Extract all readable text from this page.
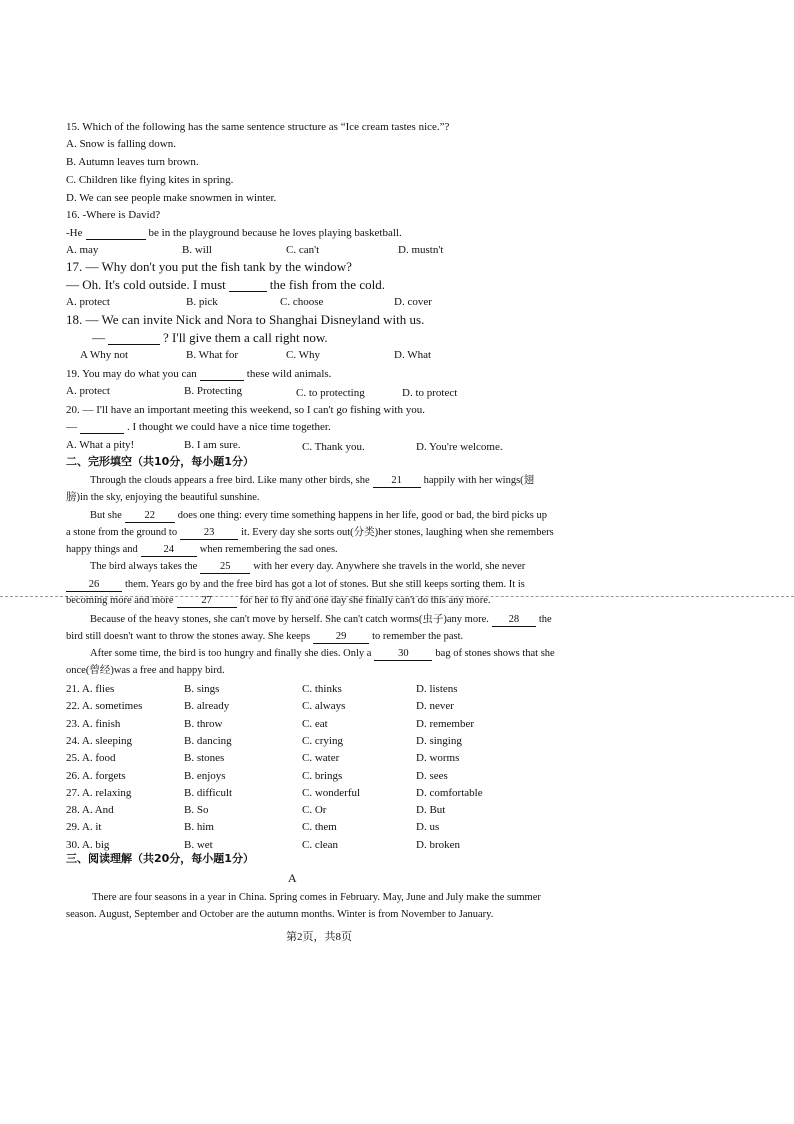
15. Which of the following has the same sentence structure as “Ice cream tastes nice.”?
A. Snow is falling down.
B. Autumn leaves turn brown.
C. Children like flying kites in spring.
D. We can see people make snowmen in winter.
16. -Where is David?
-He	be in the playground because he loves playing basketball.
A. may	B. will	C. can't	D. mustn't
17. — Why don't you put the fish tank by the window?
— Oh. It's cold outside. I must	the fish from the cold.
A. protect	B. pick	C. choose	D. cover
18. — We can invite Nick and Nora to Shanghai Disneyland with us.
—	? I'll give them a call right now.
A Why not	B. What for	C. Why	D. What
19. You may do what you can	these wild animals.
A. protect	B. Protecting	C. to protecting	D. to protect
20. — I'll have an important meeting this weekend, so I can't go fishing with you.
—	. I thought we could have a nice time together.
A. What a pity!	B. I am sure.	C. Thank you.	D. You're welcome.
二、完形填空（共10分，每小题1分）
Through the clouds appears a free bird. Like many other birds, she 21 happily with her wings(翅
膀)in the sky, enjoying the beautiful sunshine.
But she 22 does one thing: every time something happens in her life, good or bad, the bird picks up
a stone from the ground to	23	it. Every day she sorts out(分类)her stones, laughing when she remembers
happy things and 24 when remembering the sad ones.
The bird always takes the 25 with her every day. Anywhere she travels in the world, she never
26 them. Years go by and the free bird has got a lot of stones. But she still keeps sorting them. It is
becoming more and more	27	for her to fly and one day she finally can't do this any more.
Because of the heavy stones, she can't move by herself. She can't catch worms(虫子)any more. 28 the
bird still doesn't want to throw the stones away. She keeps 29 to remember the past.
After some time, the bird is too hungry and finally she dies. Only a	30	bag of stones shows that she
once(曾经)was a free and happy bird.
21. A. flies	B. sings	C. thinks	D. listens
22. A. sometimes	B. already	C. always	D. never
23. A. finish	B. throw	C. eat	D. remember
24. A. sleeping	B. dancing	C. crying	D. singing
25. A. food	B. stones	C. water	D. worms
26. A. forgets	B. enjoys	C. brings	D. sees
27. A. relaxing	B. difficult	C. wonderful	D. comfortable
28. A. And	B. So	C. Or	D. But
29. A. it	B. him	C. them	D. us
30. A. big	B. wet	C. clean	D. broken
三、阅读理解（共20分，每小题1分）
A
There are four seasons in a year in China. Spring comes in February. May, June and July make the summer
season. August, September and October are the autumn months. Winter is from November to January.
第2页，共8页
